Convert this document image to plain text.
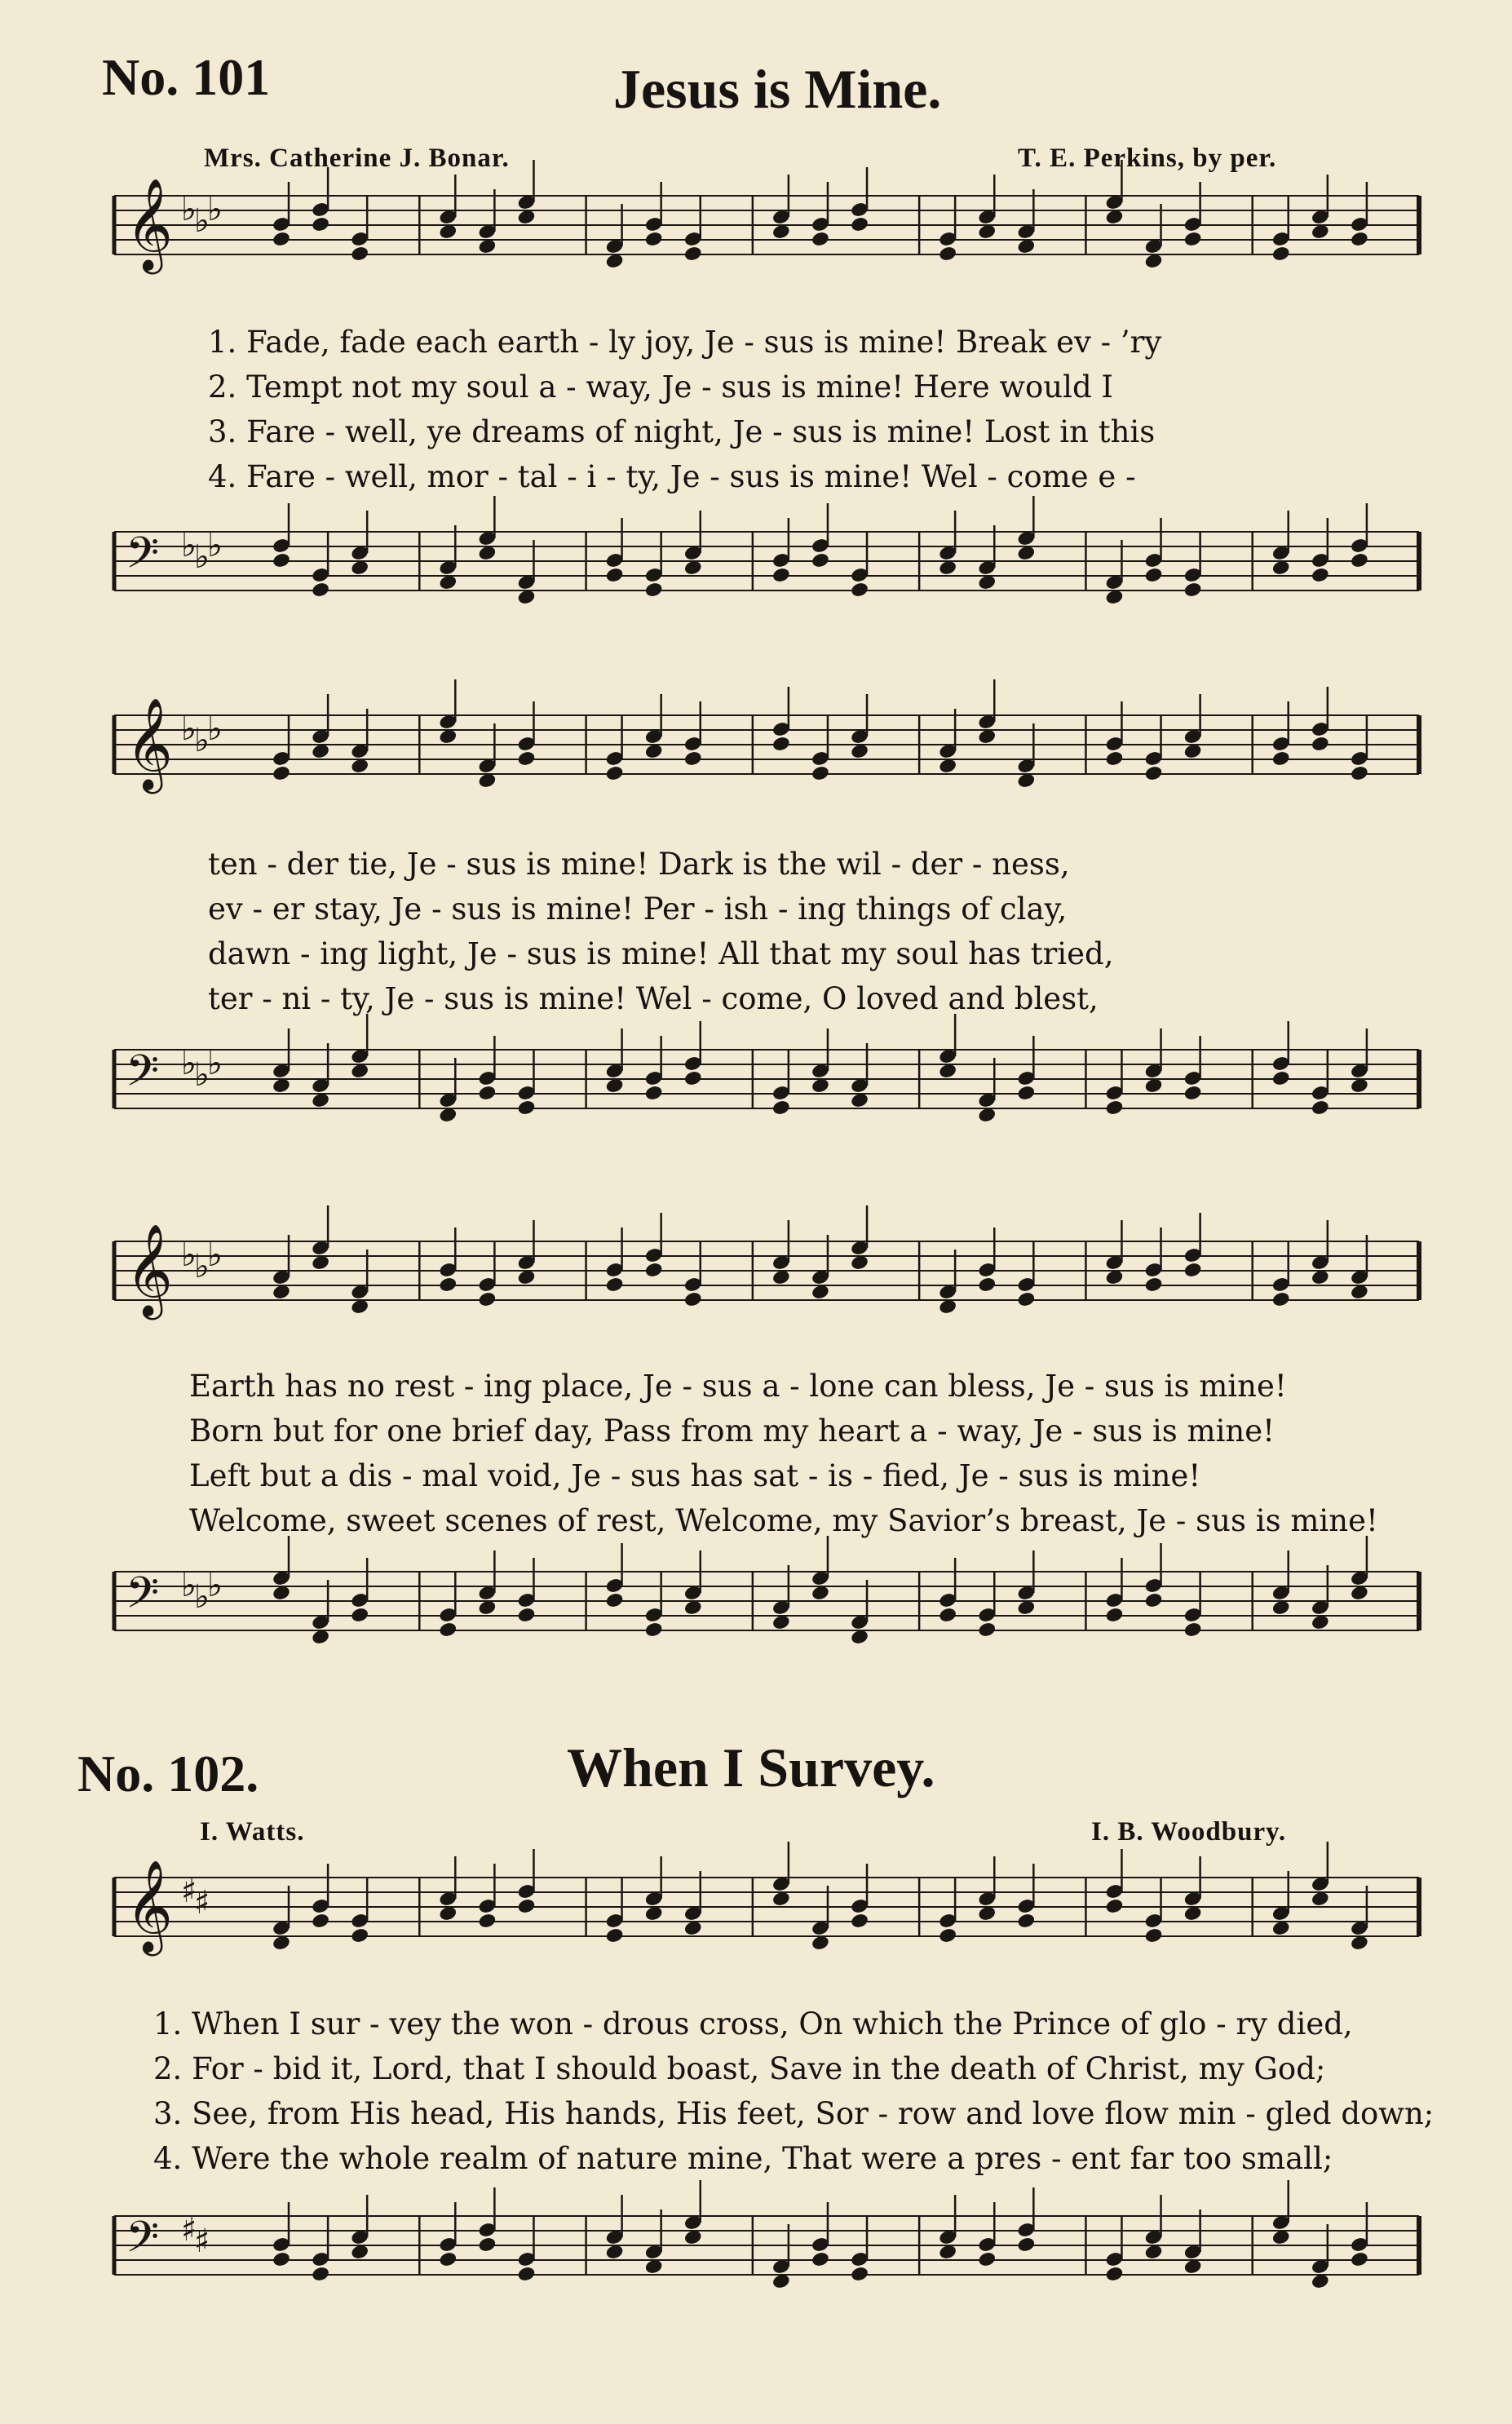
No. 101	Jesus is Mine.
Mrs. Catherine J. Bonar.	T. E. Perkins, by per.
𝄞 ♭
♭
♭
1. Fade, fade each earth - ly joy, Je - sus is mine! Break ev - ’ry
2. Tempt not my soul a - way, Je - sus is mine! Here would I
3. Fare - well, ye dreams of night, Je - sus is mine! Lost in this
4. Fare - well, mor - tal - i - ty, Je - sus is mine! Wel - come e -
𝄢 ♭
♭
♭
𝄞 ♭
♭
♭
ten - der tie, Je - sus is mine! Dark is the wil - der - ness,
ev - er stay, Je - sus is mine! Per - ish - ing things of clay,
dawn - ing light, Je - sus is mine! All that my soul has tried,
ter - ni - ty, Je - sus is mine! Wel - come, O loved and blest,
𝄢 ♭
♭
♭
𝄞 ♭
♭
♭
Earth has no rest - ing place, Je - sus a - lone can bless, Je - sus is mine!
Born but for one brief day, Pass from my heart a - way, Je - sus is mine!
Left but a dis - mal void, Je - sus has sat - is - fied, Je - sus is mine!
Welcome, sweet scenes of rest, Welcome, my Savior’s breast, Je - sus is mine!
𝄢 ♭
♭
♭
No. 102.	When I Survey.
I. Watts.	I. B. Woodbury.
𝄞 ♯
♯
1. When I sur - vey the won - drous cross, On which the Prince of glo - ry died,
2. For - bid it, Lord, that I should boast, Save in the death of Christ, my God;
3. See, from His head, His hands, His feet, Sor - row and love flow min - gled down;
4. Were the whole realm of nature mine, That were a pres - ent far too small;
𝄢 ♯
♯
